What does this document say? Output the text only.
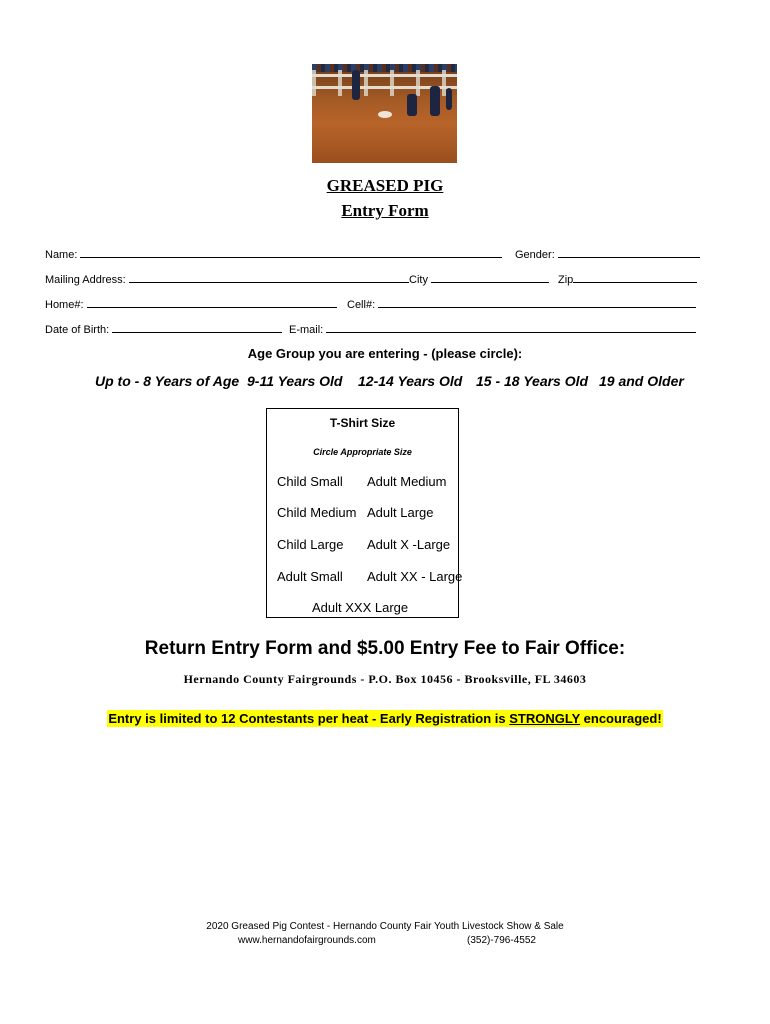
GREASED PIG
Entry Form
Name:	Gender:
Mailing Address:	City	Zip
Home#:	Cell#:
Date of Birth:	E-mail:
Age Group you are entering - (please circle):
Up to - 8 Years of Age 9-11 Years Old 12-14 Years Old 15 - 18 Years Old 19 and Older
T-Shirt Size
Circle Appropriate Size
Child Small Adult Medium
Child Medium Adult Large
Child Large Adult X -Large
Adult Small Adult XX - Large
Adult XXX Large
Return Entry Form and $5.00 Entry Fee to Fair Office:
Hernando County Fairgrounds - P.O. Box 10456 - Brooksville, FL 34603
Entry is limited to 12 Contestants per heat - Early Registration is STRONGLY encouraged!
2020 Greased Pig Contest - Hernando County Fair Youth Livestock Show & Sale
www.hernandofairgrounds.com	(352)-796-4552
